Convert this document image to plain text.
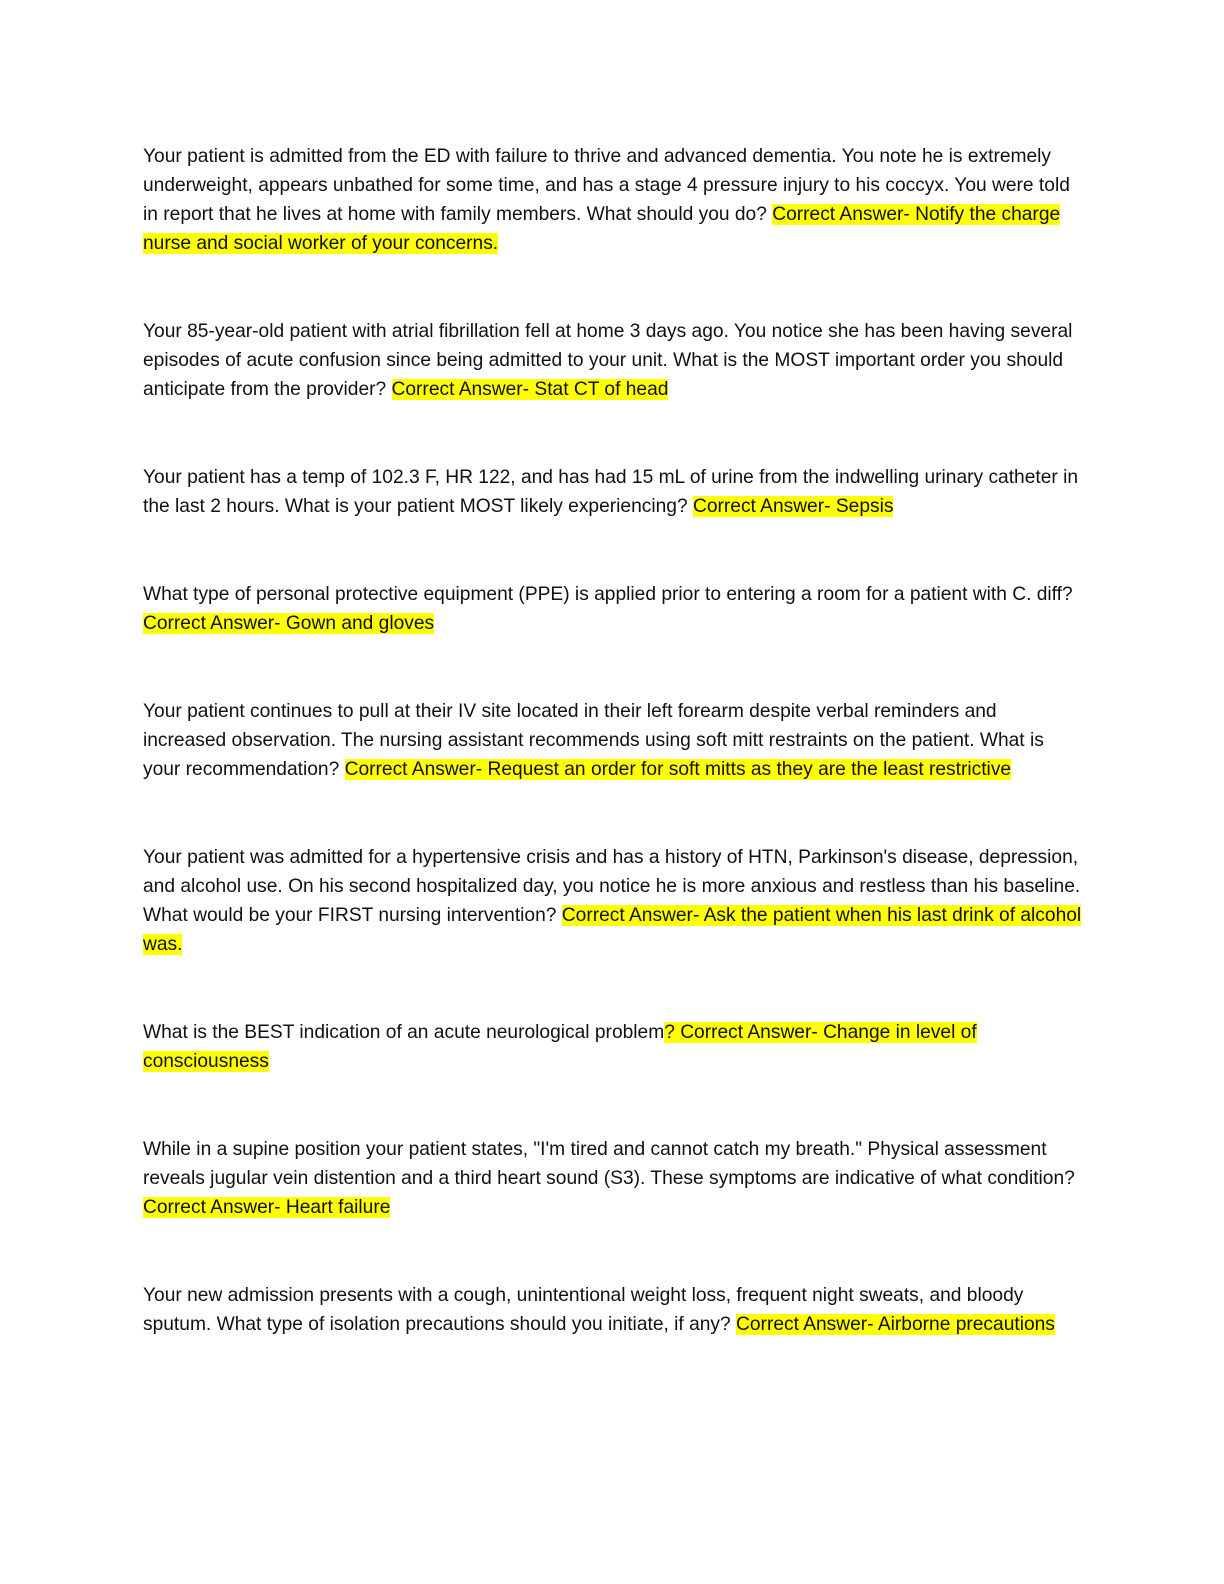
Your patient is admitted from the ED with failure to thrive and advanced dementia. You note he is extremely underweight, appears unbathed for some time, and has a stage 4 pressure injury to his coccyx. You were told in report that he lives at home with family members. What should you do? Correct Answer- Notify the charge nurse and social worker of your concerns.

Your 85-year-old patient with atrial fibrillation fell at home 3 days ago. You notice she has been having several episodes of acute confusion since being admitted to your unit. What is the MOST important order you should anticipate from the provider? Correct Answer- Stat CT of head

Your patient has a temp of 102.3 F, HR 122, and has had 15 mL of urine from the indwelling urinary catheter in the last 2 hours. What is your patient MOST likely experiencing? Correct Answer- Sepsis

What type of personal protective equipment (PPE) is applied prior to entering a room for a patient with C. diff? Correct Answer- Gown and gloves

Your patient continues to pull at their IV site located in their left forearm despite verbal reminders and increased observation. The nursing assistant recommends using soft mitt restraints on the patient. What is your recommendation? Correct Answer- Request an order for soft mitts as they are the least restrictive

Your patient was admitted for a hypertensive crisis and has a history of HTN, Parkinson's disease, depression, and alcohol use. On his second hospitalized day, you notice he is more anxious and restless than his baseline. What would be your FIRST nursing intervention? Correct Answer- Ask the patient when his last drink of alcohol was.

What is the BEST indication of an acute neurological problem? Correct Answer- Change in level of consciousness

While in a supine position your patient states, "I'm tired and cannot catch my breath." Physical assessment reveals jugular vein distention and a third heart sound (S3). These symptoms are indicative of what condition? Correct Answer- Heart failure

Your new admission presents with a cough, unintentional weight loss, frequent night sweats, and bloody sputum. What type of isolation precautions should you initiate, if any? Correct Answer- Airborne precautions
